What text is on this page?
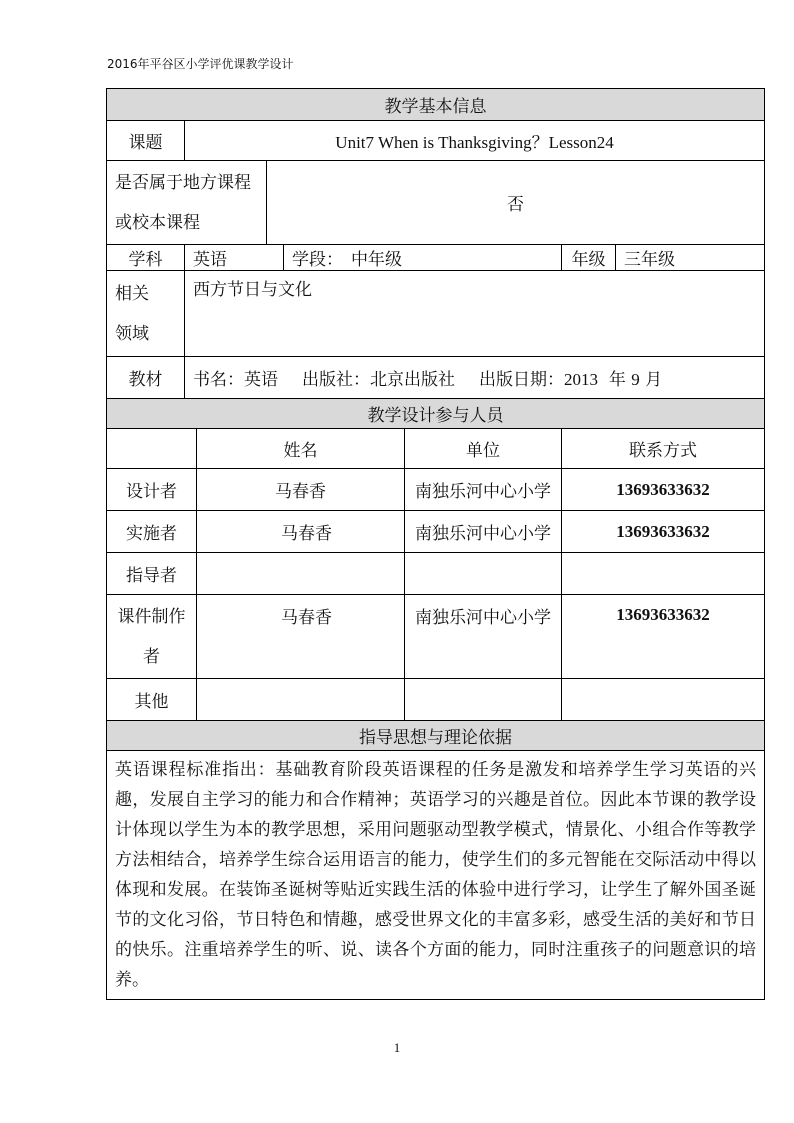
2016年平谷区小学评优课教学设计
教学基本信息							
课题	Unit7 When is Thanksgiving？Lesson24						

是否属于地方课程
或校本课程			否				
学科	英语			学段： 中年级		年级	三年级

相关
领域	西方节日与文化						
教材	书名：英语 出版社：北京出版社 出版日期：2013 年 9 月						
教学设计参与人员							
		姓名			单位	联系方式	
设计者		马春香			南独乐河中心小学	13693633632	
实施者		马春香			南独乐河中心小学	13693633632	
指导者							

课件制作
者		马春香			南独乐河中心小学	13693633632	
其他							
指导思想与理论依据							
英语课程标准指出：基础教育阶段英语课程的任务是激发和培养学生学习英语的兴趣，发展自主学习的能力和合作精神；英语学习的兴趣是首位。因此本节课的教学设计体现以学生为本的教学思想，采用问题驱动型教学模式，情景化、小组合作等教学方法相结合，培养学生综合运用语言的能力，使学生们的多元智能在交际活动中得以体现和发展。在装饰圣诞树等贴近实践生活的体验中进行学习，让学生了解外国圣诞节的文化习俗，节日特色和情趣，感受世界文化的丰富多彩，感受生活的美好和节日的快乐。注重培养学生的听、说、读各个方面的能力，同时注重孩子的问题意识的培养。							
1
